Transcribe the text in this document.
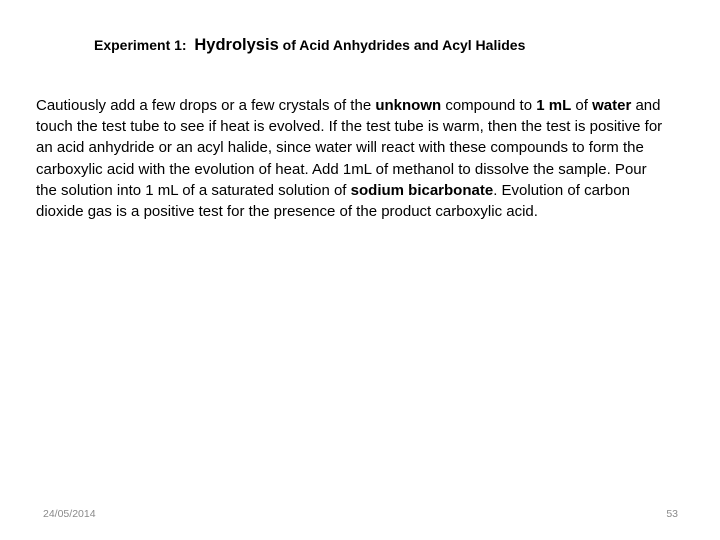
Experiment 1: Hydrolysis of Acid Anhydrides and Acyl Halides
Cautiously add a few drops or a few crystals of the unknown compound to 1 mL of water and touch the test tube to see if heat is evolved. If the test tube is warm, then the test is positive for an acid anhydride or an acyl halide, since water will react with these compounds to form the carboxylic acid with the evolution of heat. Add 1mL of methanol to dissolve the sample. Pour the solution into 1 mL of a saturated solution of sodium bicarbonate. Evolution of carbon dioxide gas is a positive test for the presence of the product carboxylic acid.
24/05/2014	53
